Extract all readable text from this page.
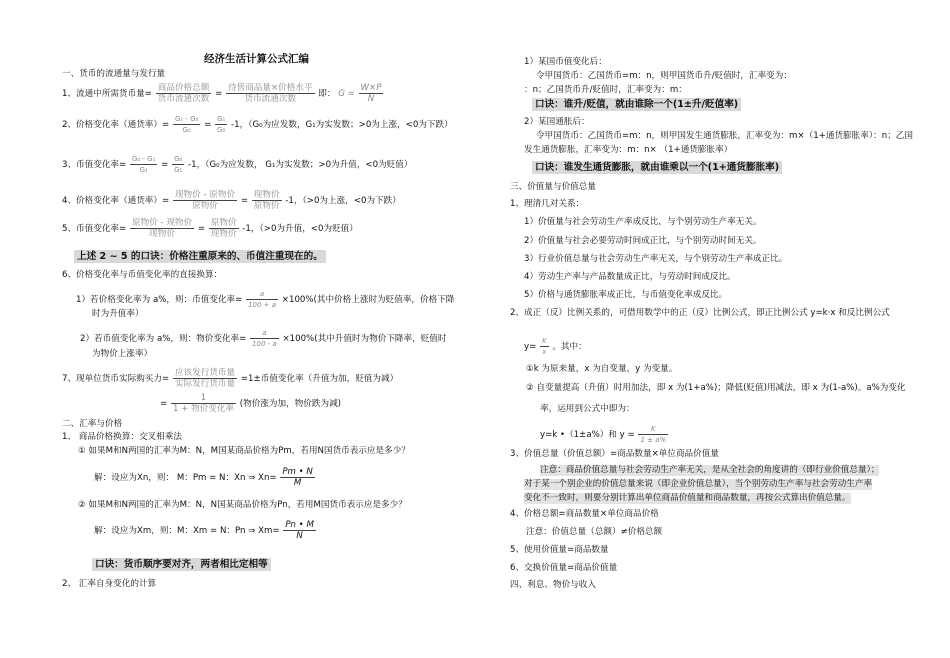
经济生活计算公式汇编
一、货币的流通量与发行量
1、流通中所需货币量= $\frac{\text{商品价格总额}}{\text{货币流通次数}} = \frac{\text{待售商品量×价格水平}}{\text{货币流通次数}}$ 即： $G = \frac{W\times P}{N}$
2、价格变化率（通货率）= $\frac{\text{G₁ - G₀}}{\text{G₀}} = \frac{\text{G₁}}{\text{G₀}} -1$，（G₀为应发数，G₁为实发数；>0为上涨，<0为下跌）
3、币值变化率= $\frac{\text{G₀ - G₁}}{\text{G₁}} = \frac{\text{G₀}}{\text{G₁}} -1$，（G₀为应发数， G₁为实发数；>0为升值，<0为贬值）
4、价格变化率（通货率）= $\frac{\text{现物价 - 原物价}}{\text{原物价}} = \frac{\text{现物价}}{\text{原物价}} -1$，（>0为上涨，<0为下跌）
5、币值变化率= $\frac{\text{原物价 - 现物价}}{\text{现物价}} = \frac{\text{原物价}}{\text{现物价}} -1$，（>0为升值，<0为贬值）
上述 2 ~ 5 的口诀：价格注重原来的、币值注重现在的。
6、价格变化率与币值变化率的直接换算：
1）若价格变化率为 a%，则：币值变化率= $\frac{a}{100 + a} \times 100\%$(其中价格上涨时为贬值率，价格下降
时为升值率）
2）若币值变化率为 a%，则：物价变化率= $\frac{a}{100 - a} \times 100\%$(其中升值时为物价下降率，贬值时
为物价上涨率）
7、现单位货币实际购买力= $\frac{\text{应该发行货币量}}{\text{实际发行货币量}} =1\pm$币值变化率（升值为加，贬值为减）
= $\frac{1}{\text{1 + 物价变化率}}$ (物价涨为加，物价跌为减)
二、汇率与价格
1、 商品价格换算：交叉相乘法
① 如果M和N两国的汇率为M：N，M国某商品价格为Pm，若用N国货币表示应是多少？
解：设应为Xn，则： M：Pm = N：Xn ⇒ $Xn= \frac{Pm • N}{M}$
② 如果M和N两国的汇率为M：N，N国某商品价格为Pn，若用M国货币表示应是多少？
解：设应为Xm，则：M：Xm = N：Pn ⇒ $Xm= \frac{Pn • M}{N}$
口诀：货币顺序要对齐，两者相比定相等
2、 汇率自身变化的计算
1）某国币值变化后：
令甲国货币：乙国货币=m：n，则甲国货币升/贬值时，汇率变为：
：n；乙国货币升/贬值时，汇率变为：m：
口诀：谁升/贬值，就由谁除一个(1±升/贬值率)
2）某国通胀后：
令甲国货币：乙国货币=m：n，则甲国发生通货膨胀，汇率变为：m×（1+通货膨胀率）：n；乙国
发生通货膨胀，汇率变为：m：n× （1+通货膨胀率）
口诀：谁发生通货膨胀，就由谁乘以一个(1+通货膨胀率)
三、价值量与价值总量
1、理清几对关系：
1）价值量与社会劳动生产率成反比，与个别劳动生产率无关。
2）价值量与社会必要劳动时间成正比，与个别劳动时间无关。
3）行业价值总量与社会劳动生产率无关，与个别劳动生产率成正比。
4）劳动生产率与产品数量成正比，与劳动时间成反比。
5）价格与通货膨胀率成正比，与币值变化率成反比。
2、成正（反）比例关系的，可借用数学中的正（反）比例公式，即正比例公式 y=k·x 和反比例公式
$y= \frac{K}{x}$ 。其中：
①k 为原来量，x 为自变量，y 为变量。
② 自变量提高（升值）时用加法，即 x 为(1+a%)；降低(贬值)用减法，即 x 为(1-a%)。a%为变化
率，运用到公式中即为：
y=k •（1±a%）和 $y = \frac{K}{1 \pm a\%}$
3、价值总量（价值总额）=商品数量×单位商品价值量
注意：商品价值总量与社会劳动生产率无关，是从全社会的角度讲的（即行业价值总量）；
对于某一个别企业的价值总量来说（即企业价值总量），当个别劳动生产率与社会劳动生产率
变化不一致时，则要分别计算出单位商品价值量和商品数量，再按公式算出价值总量。
4、价格总额=商品数量×单位商品价格
注意：价值总量（总额）≠价格总额
5、使用价值量=商品数量
6、交换价值量=商品价值量
四、利息、物价与收入
